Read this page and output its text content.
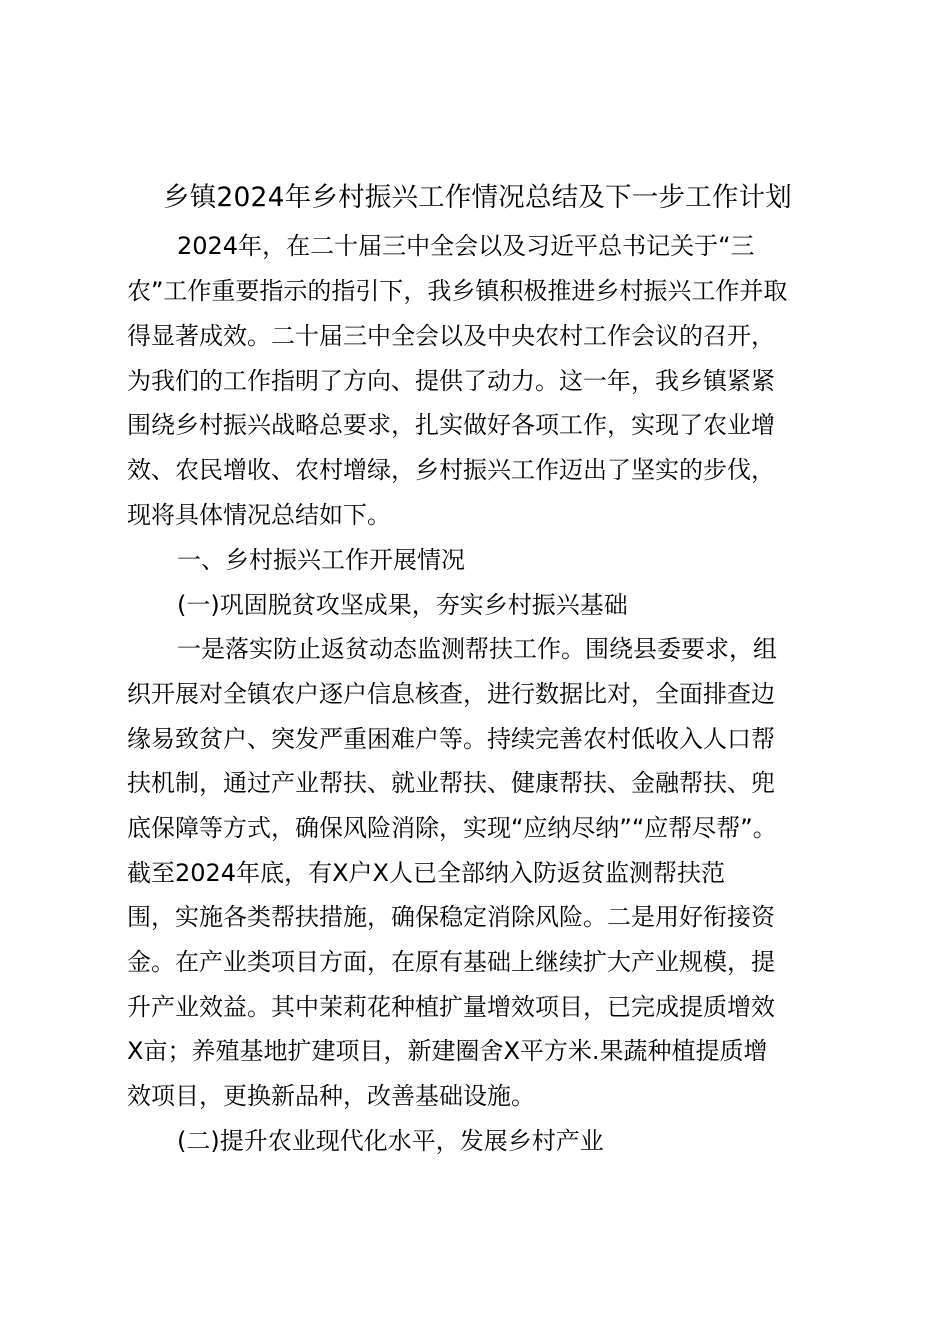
乡镇2024年乡村振兴工作情况总结及下一步工作计划
2024年，在二十届三中全会以及习近平总书记关于“三
农”工作重要指示的指引下，我乡镇积极推进乡村振兴工作并取
得显著成效。二十届三中全会以及中央农村工作会议的召开，
为我们的工作指明了方向、提供了动力。这一年，我乡镇紧紧
围绕乡村振兴战略总要求，扎实做好各项工作，实现了农业增
效、农民增收、农村增绿，乡村振兴工作迈出了坚实的步伐，
现将具体情况总结如下。
一、乡村振兴工作开展情况
(一)巩固脱贫攻坚成果，夯实乡村振兴基础
一是落实防止返贫动态监测帮扶工作。围绕县委要求，组
织开展对全镇农户逐户信息核查，进行数据比对，全面排查边
缘易致贫户、突发严重困难户等。持续完善农村低收入人口帮
扶机制，通过产业帮扶、就业帮扶、健康帮扶、金融帮扶、兜
底保障等方式，确保风险消除，实现“应纳尽纳”“应帮尽帮”。
截至2024年底，有X户X人已全部纳入防返贫监测帮扶范
围，实施各类帮扶措施，确保稳定消除风险。二是用好衔接资
金。在产业类项目方面，在原有基础上继续扩大产业规模，提
升产业效益。其中茉莉花种植扩量增效项目，已完成提质增效
X亩；养殖基地扩建项目，新建圈舍X平方米.果蔬种植提质增
效项目，更换新品种，改善基础设施。
(二)提升农业现代化水平，发展乡村产业
